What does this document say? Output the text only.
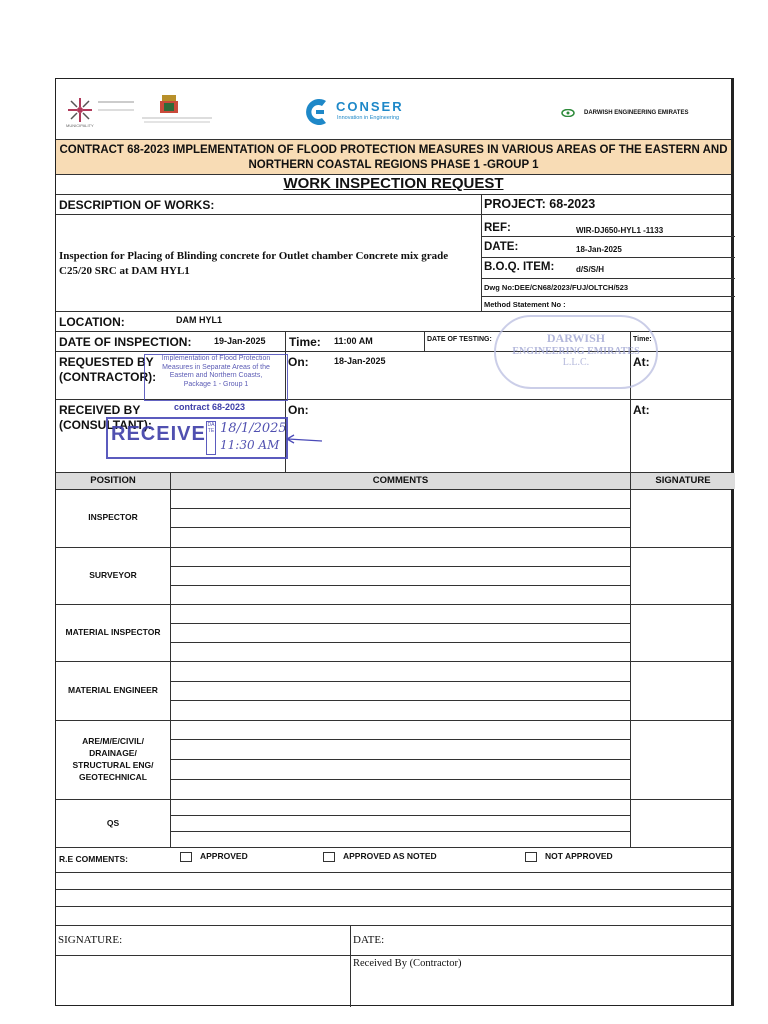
MUNICIPALITY
CONSER
Innovation in Engineering
DARWISH ENGINEERING EMIRATES
CONTRACT 68-2023 IMPLEMENTATION OF FLOOD PROTECTION MEASURES IN VARIOUS AREAS OF THE EASTERN AND NORTHERN COASTAL REGIONS PHASE 1 -GROUP 1
WORK INSPECTION REQUEST
DESCRIPTION OF WORKS:	PROJECT: 68-2023
Inspection for Placing of Blinding concrete for Outlet chamber Concrete mix grade C25/20 SRC at DAM HYL1
REF:	WIR-DJ650-HYL1 -1133
DATE:	18-Jan-2025
B.O.Q. ITEM:	d/S/S/H
Dwg No:DEE/CN68/2023/FUJ/OLTCH/523
Method Statement No :
LOCATION:	DAM HYL1
DATE OF INSPECTION:	19-Jan-2025 Time: 11:00 AM	DATE OF TESTING:	Time:
REQUESTED BY
(CONTRACTOR):
On:	18-Jan-2025	At:
RECEIVED BY
(CONSULTANT):
On:	At:
Implementation of Flood Protection
Measures in Separate Areas of the
Eastern and Northern Coasts,
Package 1 - Group 1
contract 68-2023
RECEIVE DATE 18/1/2025
11:30 AM
DARWISH
ENGINEERING EMIRATES
L.L.C.
POSITION	COMMENTS	SIGNATURE
INSPECTOR
SURVEYOR
MATERIAL INSPECTOR
MATERIAL ENGINEER
ARE/M/E/CIVIL/
DRAINAGE/
STRUCTURAL ENG/
GEOTECHNICAL
QS
R.E COMMENTS:	APPROVED	APPROVED AS NOTED	NOT APPROVED
SIGNATURE:	DATE:
Received By (Contractor)
